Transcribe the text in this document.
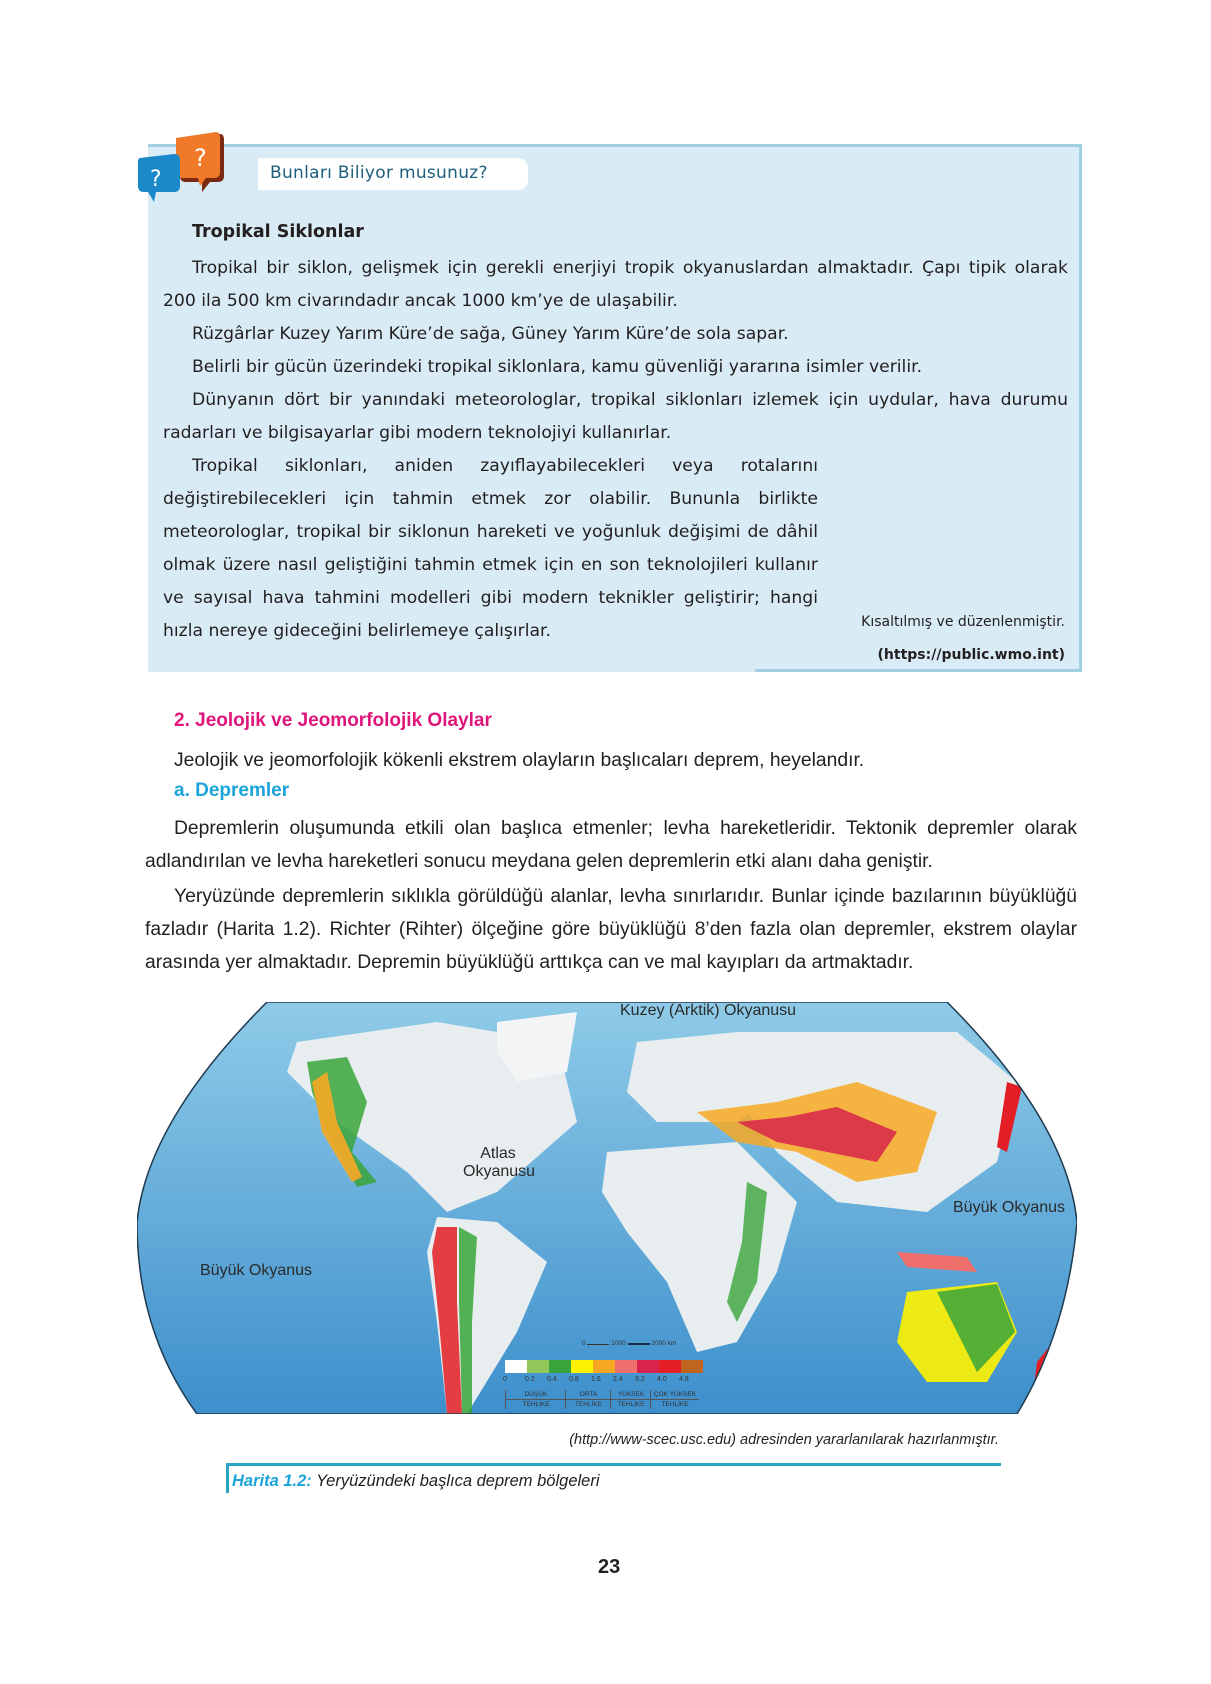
Bunları Biliyor musunuz?
?
?
Tropikal Siklonlar

Tropikal bir siklon, gelişmek için gerekli enerjiyi tropik okyanuslardan almaktadır. Çapı tipik olarak 200 ila 500 km civarındadır ancak 1000 km’ye de ulaşabilir.

Rüzgârlar Kuzey Yarım Küre’de sağa, Güney Yarım Küre’de sola sapar.

Belirli bir gücün üzerindeki tropikal siklonlara, kamu güvenliği yararına isimler verilir.

Dünyanın dört bir yanındaki meteorologlar, tropikal siklonları izlemek için uydular, hava durumu radarları ve bilgisayarlar gibi modern teknolojiyi kullanırlar.

Tropikal siklonları, aniden zayıflayabilecekleri veya rotalarını değiştirebilecekleri için tahmin etmek zor olabilir. Bununla birlikte meteorologlar, tropikal bir siklonun hareketi ve yoğunluk değişimi de dâhil olmak üzere nasıl geliştiğini tahmin etmek için en son teknolojileri kullanır ve sayısal hava tahmini modelleri gibi modern teknikler geliştirir; hangi hızla nereye gideceğini belirlemeye çalışırlar.	Kısaltılmış ve düzenlenmiştir.
(https://public.wmo.int)
2. Jeolojik ve Jeomorfolojik Olaylar
Jeolojik ve jeomorfolojik kökenli ekstrem olayların başlıcaları deprem, heyelandır.
a. Depremler
Depremlerin oluşumunda etkili olan başlıca etmenler; levha hareketleridir. Tektonik depremler olarak adlandırılan ve levha hareketleri sonucu meydana gelen depremlerin etki alanı daha geniştir.
Yeryüzünde depremlerin sıklıkla görüldüğü alanlar, levha sınırlarıdır. Bunlar içinde bazılarının büyüklüğü fazladır (Harita 1.2). Richter (Rihter) ölçeğine göre büyüklüğü 8’den fazla olan depremler, ekstrem olaylar arasında yer almaktadır. Depremin büyüklüğü arttıkça can ve mal kayıpları da artmaktadır.
Kuzey (Arktik) Okyanusu
Atlas
Okyanusu
Büyük Okyanus
Büyük Okyanus
0	1000	2000 km
0	0.2 0.4 0.8 1.6 2.4 3.2 4.0 4.8
DÜŞÜK
TEHLİKE
ORTA
TEHLİKE
YÜKSEK
TEHLİKE
ÇOK YÜKSEK
TEHLİKE
(http://www-scec.usc.edu) adresinden yararlanılarak hazırlanmıştır.
Harita 1.2: Yeryüzündeki başlıca deprem bölgeleri
23
